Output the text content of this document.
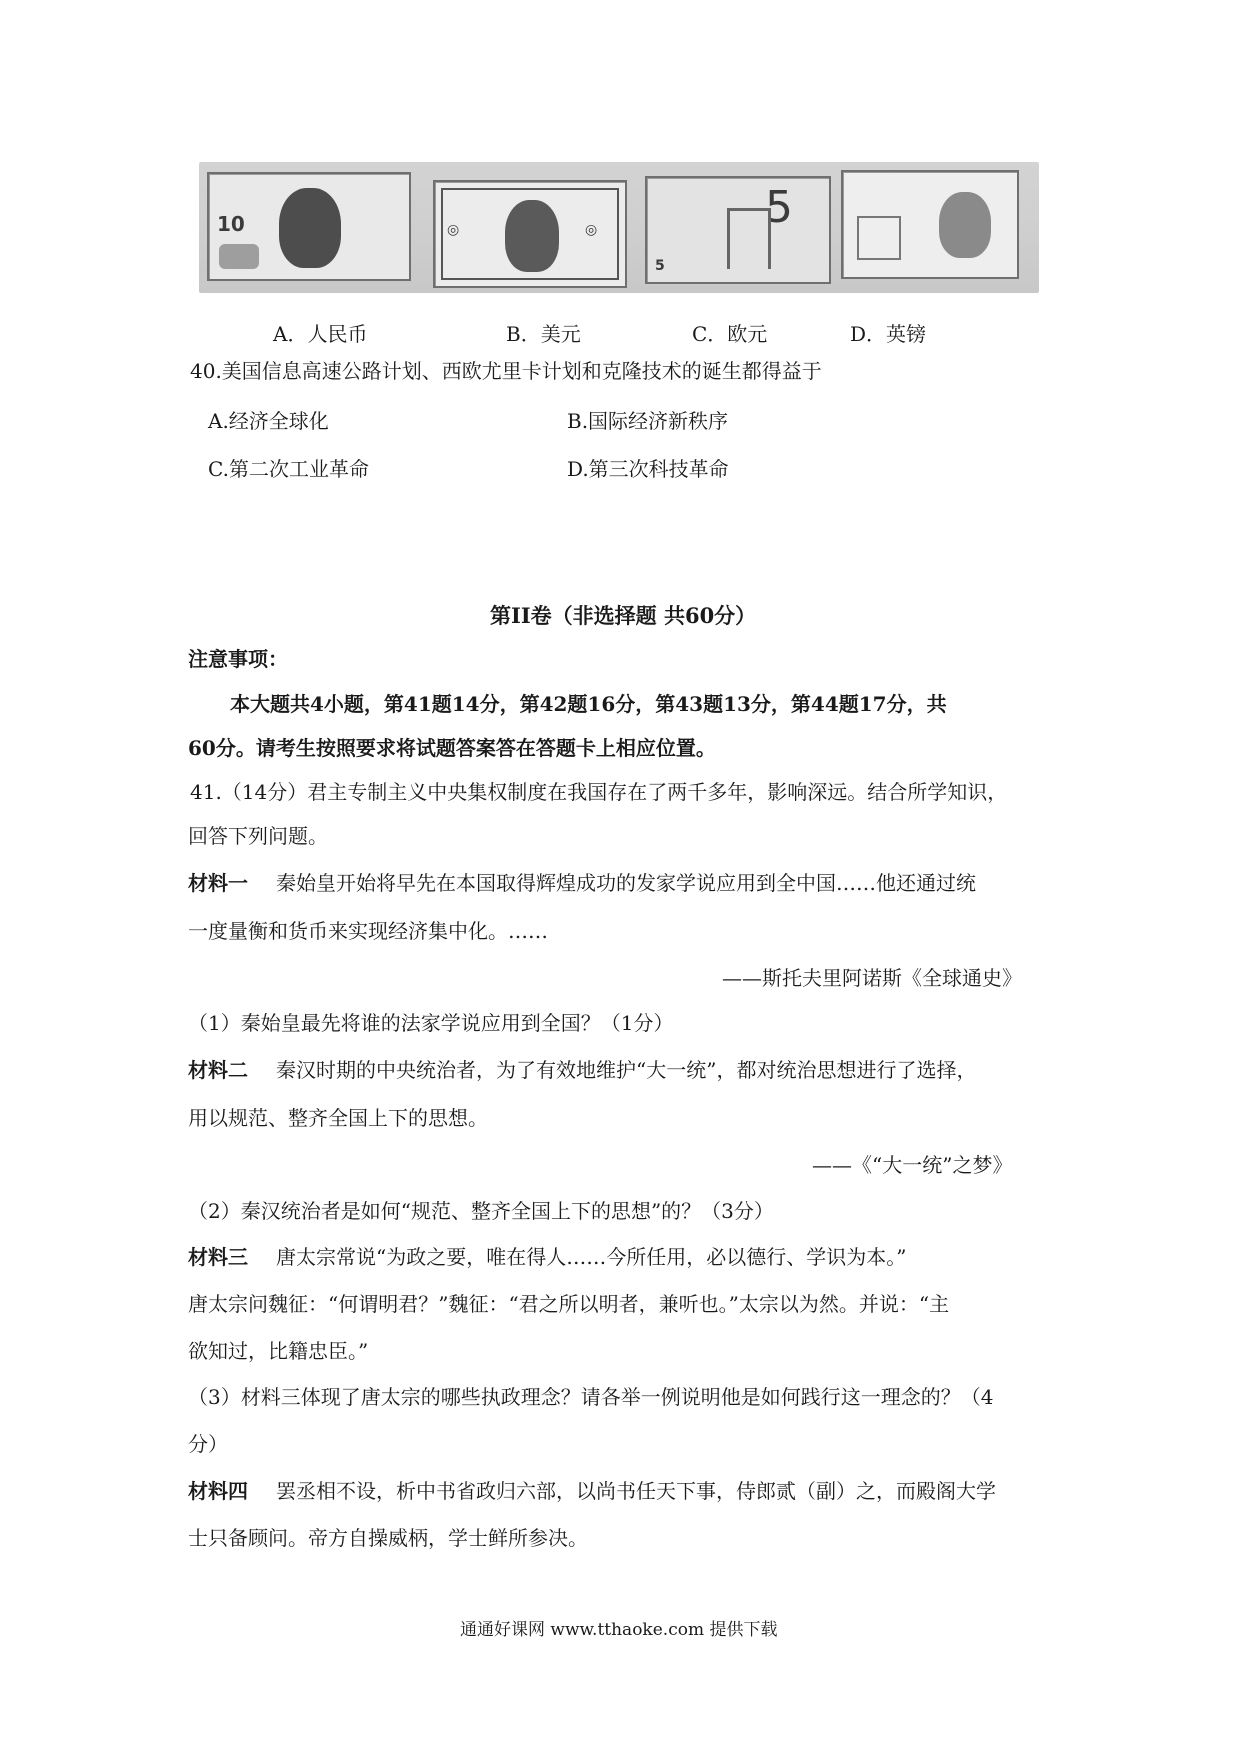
10	◎	◎	5
5
A．人民币	B．美元	C．欧元	D．英镑
40.美国信息高速公路计划、西欧尤里卡计划和克隆技术的诞生都得益于
A.经济全球化	B.国际经济新秩序
C.第二次工业革命	D.第三次科技革命
第II卷（非选择题 共60分）
注意事项：
本大题共4小题，第41题14分，第42题16分，第43题13分，第44题17分，共
60分。请考生按照要求将试题答案答在答题卡上相应位置。
41.（14分）君主专制主义中央集权制度在我国存在了两千多年，影响深远。结合所学知识，
回答下列问题。
材料一 秦始皇开始将早先在本国取得辉煌成功的发家学说应用到全中国……他还通过统
一度量衡和货币来实现经济集中化。……
——斯托夫里阿诺斯《全球通史》
（1）秦始皇最先将谁的法家学说应用到全国？（1分）
材料二 秦汉时期的中央统治者，为了有效地维护“大一统”，都对统治思想进行了选择，
用以规范、整齐全国上下的思想。
——《“大一统”之梦》
（2）秦汉统治者是如何“规范、整齐全国上下的思想”的？（3分）
材料三 唐太宗常说“为政之要，唯在得人……今所任用，必以德行、学识为本。”
唐太宗问魏征：“何谓明君？”魏征：“君之所以明者，兼听也。”太宗以为然。并说：“主
欲知过，比籍忠臣。”
（3）材料三体现了唐太宗的哪些执政理念？请各举一例说明他是如何践行这一理念的？（4
分）
材料四 罢丞相不设，析中书省政归六部，以尚书任天下事，侍郎贰（副）之，而殿阁大学
士只备顾问。帝方自操威柄，学士鲜所参决。
通通好课网 www.tthaoke.com 提供下载
